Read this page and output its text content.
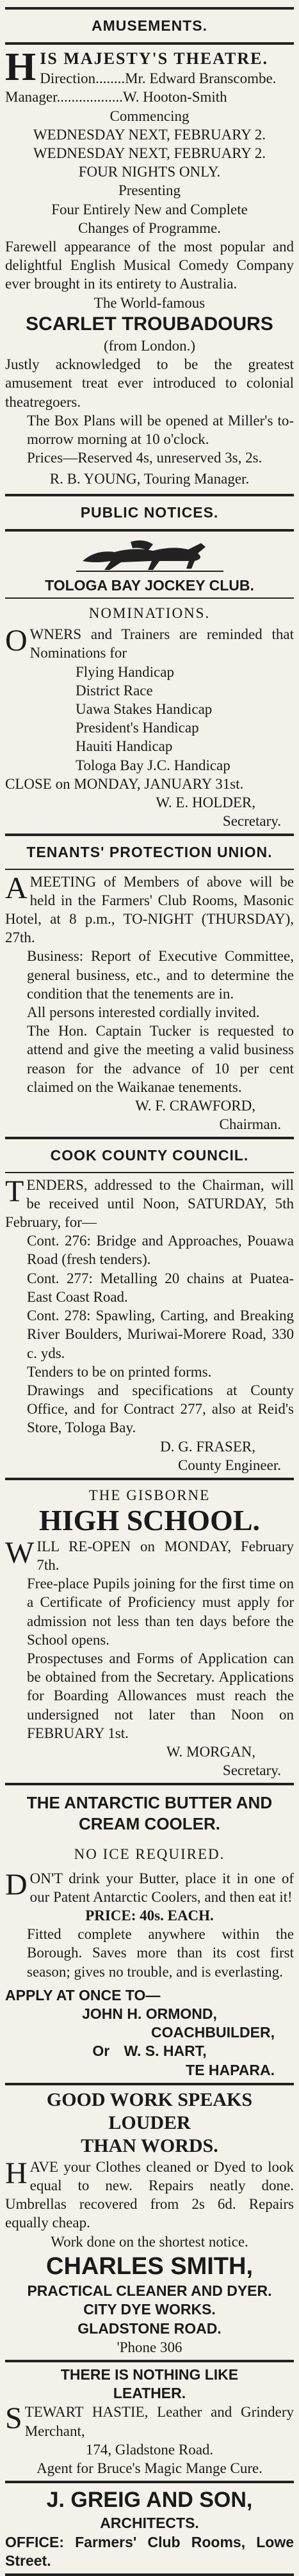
AMUSEMENTS.
H IS MAJESTY'S THEATRE.
Direction........Mr. Edward Branscombe.
Manager..................W. Hooton-Smith
Commencing
WEDNESDAY NEXT, FEBRUARY 2.
WEDNESDAY NEXT, FEBRUARY 2.
FOUR NIGHTS ONLY.
Presenting
Four Entirely New and Complete
Changes of Programme.
Farewell appearance of the most popular and delightful English Musical Comedy Company ever brought in its entirety to Australia.
The World-famous
SCARLET TROUBADOURS
(from London.)
Justly acknowledged to be the greatest amusement treat ever introduced to colonial theatregoers.
The Box Plans will be opened at Miller's to-morrow morning at 10 o'clock.
Prices—Reserved 4s, unreserved 3s, 2s.
R. B. YOUNG, Touring Manager.
PUBLIC NOTICES.
TOLOGA BAY JOCKEY CLUB.
NOMINATIONS.
O WNERS and Trainers are reminded that Nominations for
Flying Handicap
District Race
Uawa Stakes Handicap
President's Handicap
Hauiti Handicap
Tologa Bay J.C. Handicap
CLOSE on MONDAY, JANUARY 31st.
W. E. HOLDER,
Secretary.
TENANTS' PROTECTION UNION.
A MEETING of Members of above will be held in the Farmers' Club Rooms, Masonic Hotel, at 8 p.m., TO-NIGHT (THURSDAY), 27th.
Business: Report of Executive Committee, general business, etc., and to determine the condition that the tenements are in.
All persons interested cordially invited.
The Hon. Captain Tucker is requested to attend and give the meeting a valid business reason for the advance of 10 per cent claimed on the Waikanae tenements.
W. F. CRAWFORD,
Chairman.
COOK COUNTY COUNCIL.
T ENDERS, addressed to the Chairman, will be received until Noon, SATURDAY, 5th February, for—
Cont. 276: Bridge and Approaches, Pouawa Road (fresh tenders).
Cont. 277: Metalling 20 chains at Puatea-East Coast Road.
Cont. 278: Spawling, Carting, and Breaking River Boulders, Muriwai-Morere Road, 330 c. yds.
Tenders to be on printed forms.
Drawings and specifications at County Office, and for Contract 277, also at Reid's Store, Tologa Bay.
D. G. FRASER,
County Engineer.
THE GISBORNE
HIGH SCHOOL.
W ILL RE-OPEN on MONDAY, February 7th.
Free-place Pupils joining for the first time on a Certificate of Proficiency must apply for admission not less than ten days before the School opens.
Prospectuses and Forms of Application can be obtained from the Secretary. Applications for Boarding Allowances must reach the undersigned not later than Noon on FEBRUARY 1st.
W. MORGAN,
Secretary.
THE ANTARCTIC BUTTER AND
CREAM COOLER.
NO ICE REQUIRED.
D ON'T drink your Butter, place it in one of our Patent Antarctic Coolers, and then eat it!
PRICE: 40s. EACH.
Fitted complete anywhere within the Borough. Saves more than its cost first season; gives no trouble, and is everlasting.
APPLY AT ONCE TO—
JOHN H. ORMOND,
COACHBUILDER,
Or W. S. HART,
TE HAPARA.
GOOD WORK SPEAKS LOUDER
THAN WORDS.
H AVE your Clothes cleaned or Dyed to look equal to new. Repairs neatly done. Umbrellas recovered from 2s 6d. Repairs equally cheap.
Work done on the shortest notice.
CHARLES SMITH,
PRACTICAL CLEANER AND DYER.
CITY DYE WORKS.
GLADSTONE ROAD.
'Phone 306
THERE IS NOTHING LIKE
LEATHER.
S TEWART HASTIE, Leather and Grindery Merchant,
174, Gladstone Road.
Agent for Bruce's Magic Mange Cure.
J. GREIG AND SON,
ARCHITECTS.
OFFICE: Farmers' Club Rooms, Lowe Street.
